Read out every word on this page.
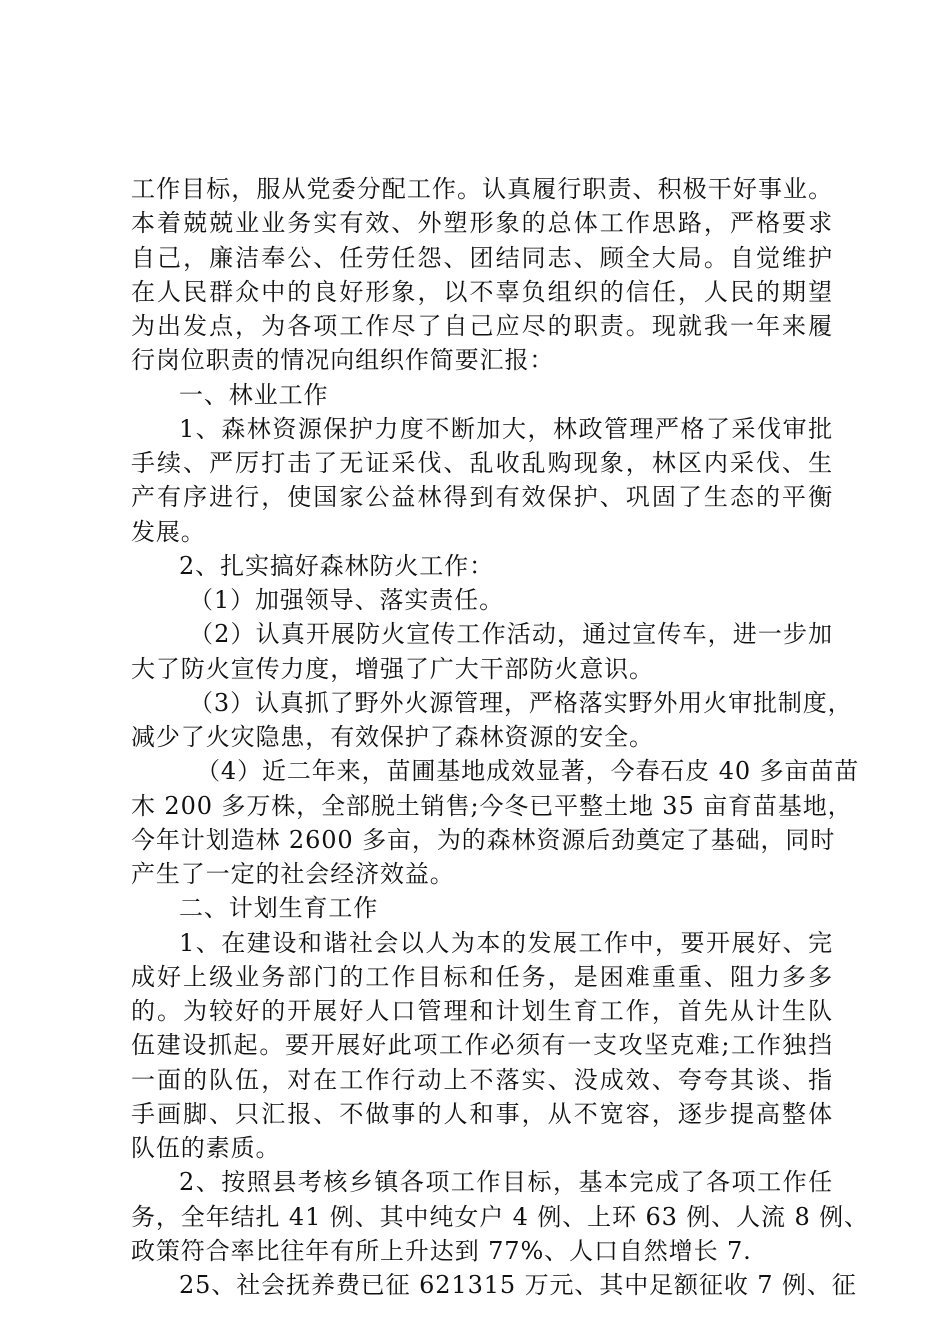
工作目标，服从党委分配工作。认真履行职责、积极干好事业。
本着兢兢业业务实有效、外塑形象的总体工作思路，严格要求
自己，廉洁奉公、任劳任怨、团结同志、顾全大局。自觉维护
在人民群众中的良好形象，以不辜负组织的信任，人民的期望
为出发点，为各项工作尽了自己应尽的职责。现就我一年来履
行岗位职责的情况向组织作简要汇报：
一、林业工作
1、森林资源保护力度不断加大，林政管理严格了采伐审批
手续、严厉打击了无证采伐、乱收乱购现象，林区内采伐、生
产有序进行，使国家公益林得到有效保护、巩固了生态的平衡
发展。
2、扎实搞好森林防火工作：
（1）加强领导、落实责任。
（2）认真开展防火宣传工作活动，通过宣传车，进一步加
大了防火宣传力度，增强了广大干部防火意识。
（3）认真抓了野外火源管理，严格落实野外用火审批制度，
减少了火灾隐患，有效保护了森林资源的安全。
（4）近二年来，苗圃基地成效显著，今春石皮 40 多亩苗苗
木 200 多万株，全部脱土销售;今冬已平整土地 35 亩育苗基地，
今年计划造林 2600 多亩，为的森林资源后劲奠定了基础，同时
产生了一定的社会经济效益。
二、计划生育工作
1、在建设和谐社会以人为本的发展工作中，要开展好、完
成好上级业务部门的工作目标和任务，是困难重重、阻力多多
的。为较好的开展好人口管理和计划生育工作，首先从计生队
伍建设抓起。要开展好此项工作必须有一支攻坚克难;工作独挡
一面的队伍，对在工作行动上不落实、没成效、夸夸其谈、指
手画脚、只汇报、不做事的人和事，从不宽容，逐步提高整体
队伍的素质。
2、按照县考核乡镇各项工作目标，基本完成了各项工作任
务，全年结扎 41 例、其中纯女户 4 例、上环 63 例、人流 8 例、
政策符合率比往年有所上升达到 77%、人口自然增长 7.
25、社会抚养费已征 621315 万元、其中足额征收 7 例、征
